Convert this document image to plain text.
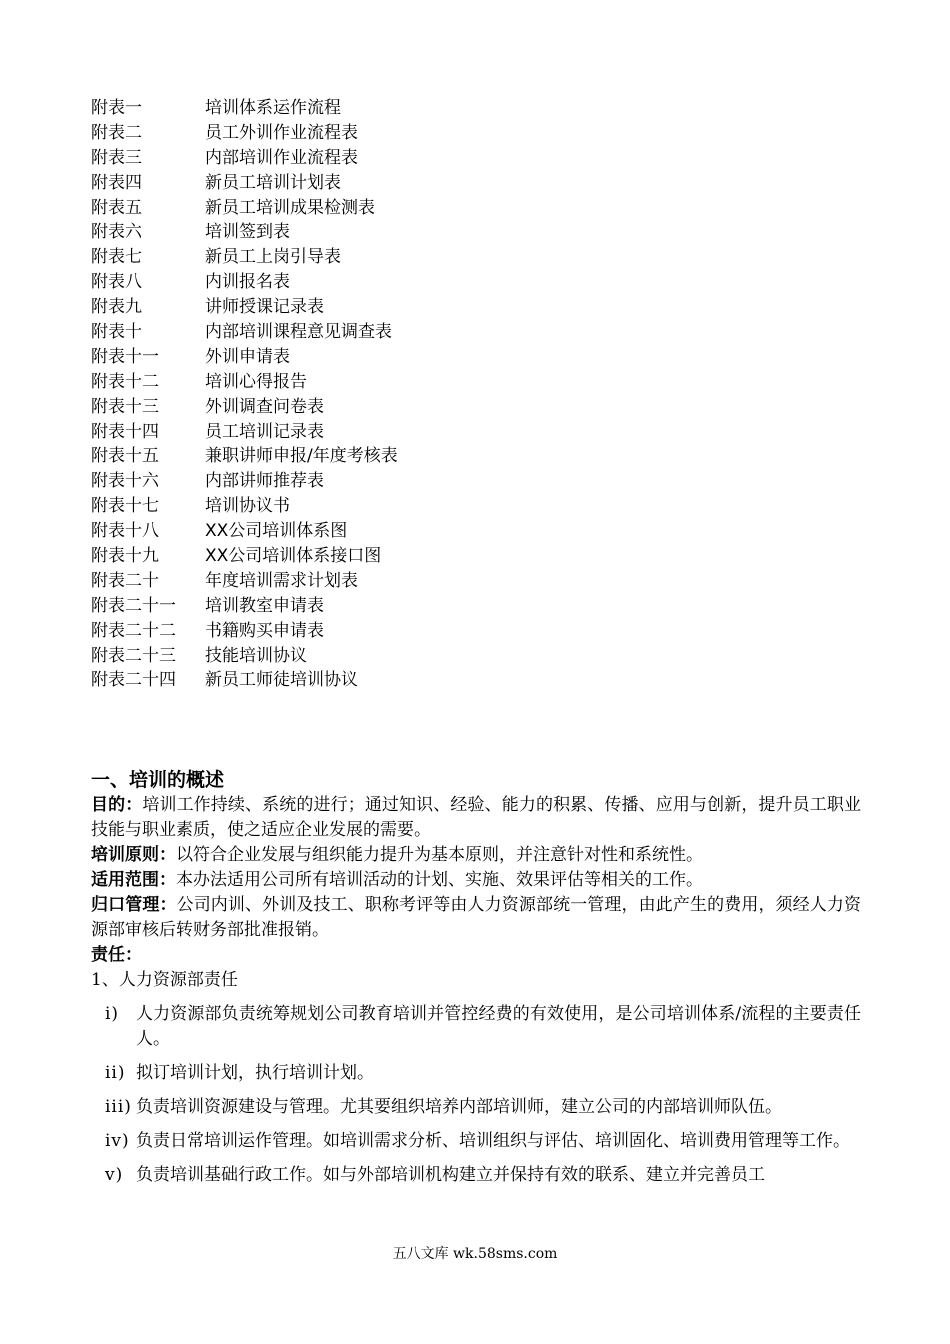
附表一	培训体系运作流程
附表二	员工外训作业流程表
附表三	内部培训作业流程表
附表四	新员工培训计划表
附表五	新员工培训成果检测表
附表六	培训签到表
附表七	新员工上岗引导表
附表八	内训报名表
附表九	讲师授课记录表
附表十	内部培训课程意见调查表
附表十一	外训申请表
附表十二	培训心得报告
附表十三	外训调查问卷表
附表十四	员工培训记录表
附表十五	兼职讲师申报/年度考核表
附表十六	内部讲师推荐表
附表十七	培训协议书
附表十八	XX公司培训体系图
附表十九	XX公司培训体系接口图
附表二十	年度培训需求计划表
附表二十一	培训教室申请表
附表二十二	书籍购买申请表
附表二十三	技能培训协议
附表二十四	新员工师徒培训协议
一、培训的概述
目的：培训工作持续、系统的进行；通过知识、经验、能力的积累、传播、应用与创新，提升员工职业技能与职业素质，使之适应企业发展的需要。
培训原则：以符合企业发展与组织能力提升为基本原则，并注意针对性和系统性。
适用范围：本办法适用公司所有培训活动的计划、实施、效果评估等相关的工作。
归口管理：公司内训、外训及技工、职称考评等由人力资源部统一管理，由此产生的费用，须经人力资源部审核后转财务部批准报销。
责任：
1、人力资源部责任
i) 人力资源部负责统筹规划公司教育培训并管控经费的有效使用，是公司培训体系/流程的主要责任人。
ii) 拟订培训计划，执行培训计划。
iii) 负责培训资源建设与管理。尤其要组织培养内部培训师，建立公司的内部培训师队伍。
iv) 负责日常培训运作管理。如培训需求分析、培训组织与评估、培训固化、培训费用管理等工作。
v) 负责培训基础行政工作。如与外部培训机构建立并保持有效的联系、建立并完善员工
五八文库 wk.58sms.com
